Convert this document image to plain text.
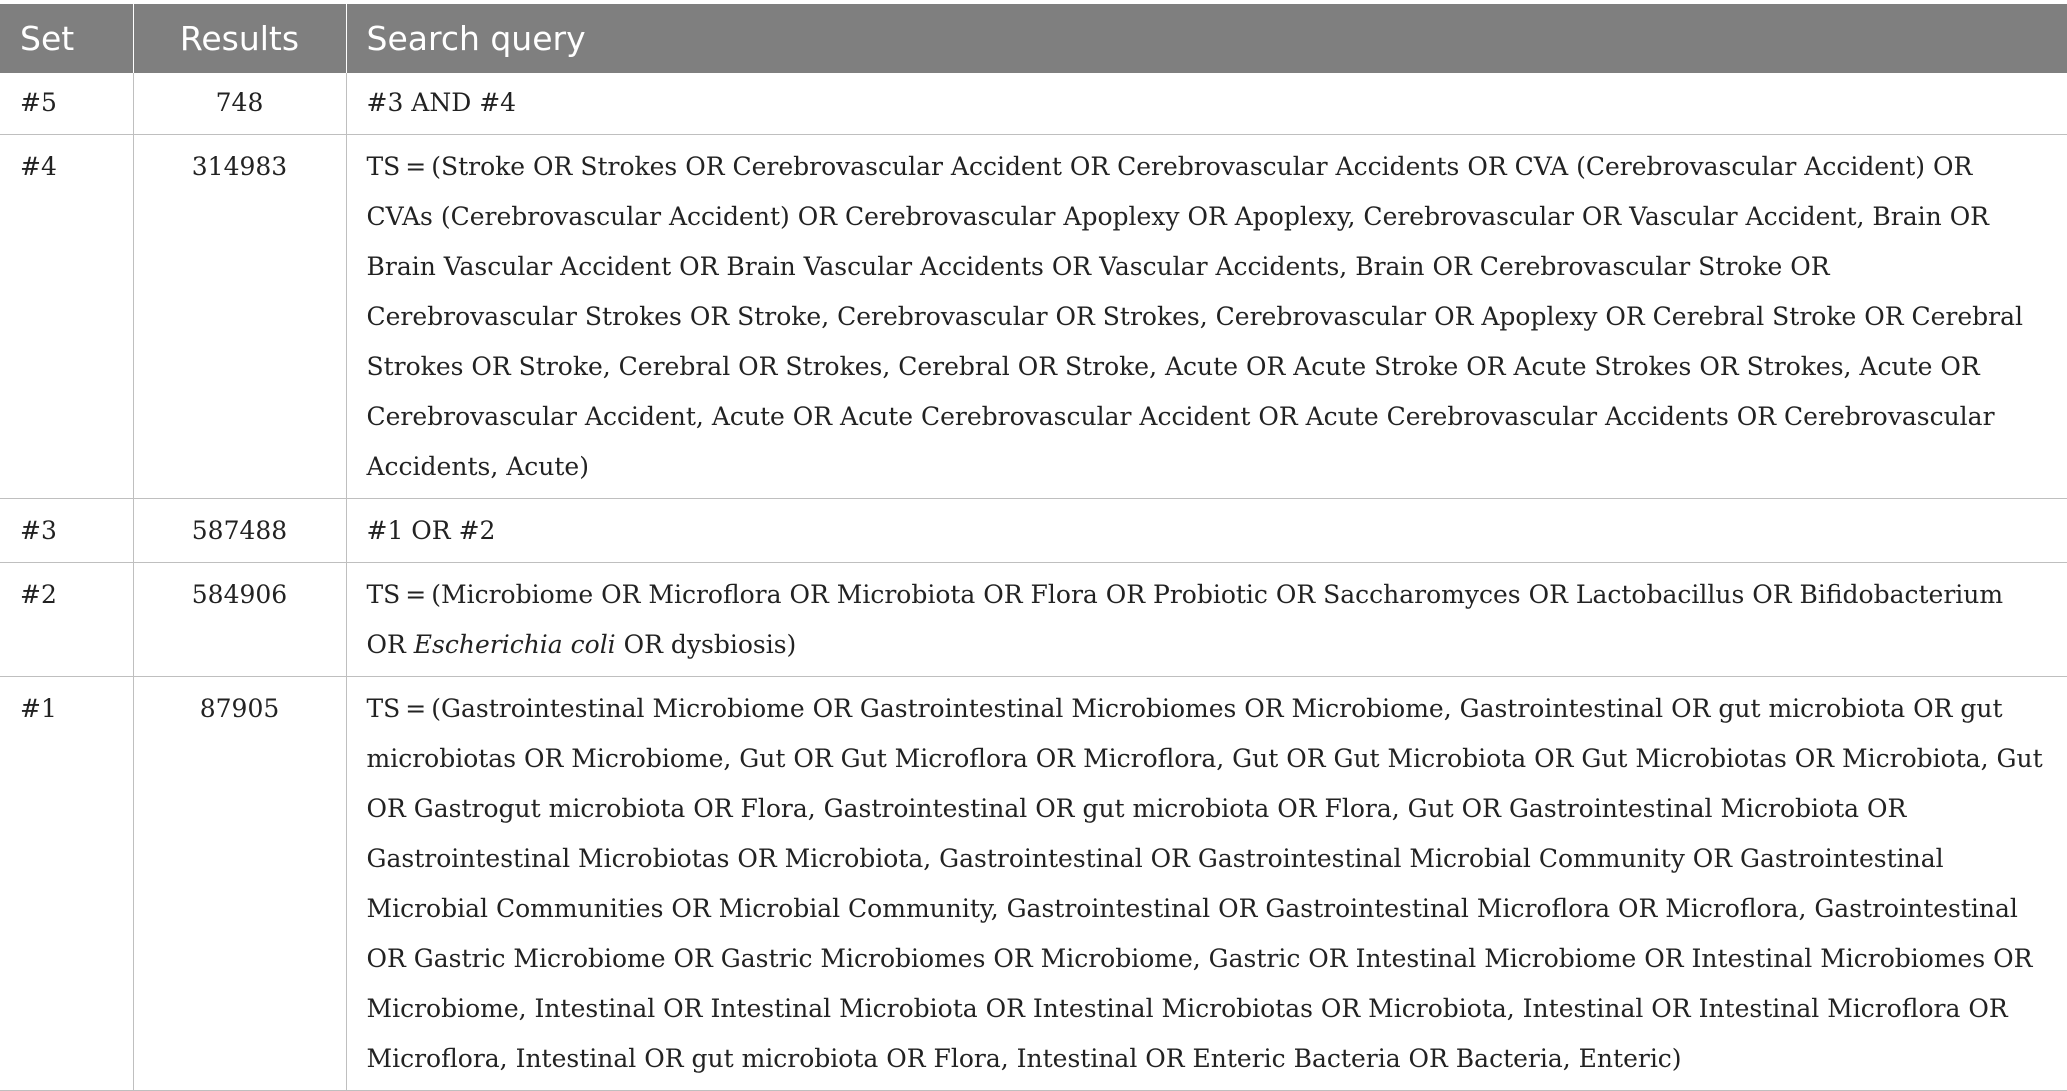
Set	Results	Search query
#5	748	#3 AND #4
#4	314983	TS = (Stroke OR Strokes OR Cerebrovascular Accident OR Cerebrovascular Accidents OR CVA (Cerebrovascular Accident) OR CVAs (Cerebrovascular Accident) OR Cerebrovascular Apoplexy OR Apoplexy, Cerebrovascular OR Vascular Accident, Brain OR Brain Vascular Accident OR Brain Vascular Accidents OR Vascular Accidents, Brain OR Cerebrovascular Stroke OR Cerebrovascular Strokes OR Stroke, Cerebrovascular OR Strokes, Cerebrovascular OR Apoplexy OR Cerebral Stroke OR Cerebral Strokes OR Stroke, Cerebral OR Strokes, Cerebral OR Stroke, Acute OR Acute Stroke OR Acute Strokes OR Strokes, Acute OR Cerebrovascular Accident, Acute OR Acute Cerebrovascular Accident OR Acute Cerebrovascular Accidents OR Cerebrovascular Accidents, Acute)
#3	587488	#1 OR #2
#2	584906	TS = (Microbiome OR Microflora OR Microbiota OR Flora OR Probiotic OR Saccharomyces OR Lactobacillus OR Bifidobacterium OR Escherichia coli OR dysbiosis)
#1	87905	TS = (Gastrointestinal Microbiome OR Gastrointestinal Microbiomes OR Microbiome, Gastrointestinal OR gut microbiota OR gut microbiotas OR Microbiome, Gut OR Gut Microflora OR Microflora, Gut OR Gut Microbiota OR Gut Microbiotas OR Microbiota, Gut OR Gastrogut microbiota OR Flora, Gastrointestinal OR gut microbiota OR Flora, Gut OR Gastrointestinal Microbiota OR Gastrointestinal Microbiotas OR Microbiota, Gastrointestinal OR Gastrointestinal Microbial Community OR Gastrointestinal Microbial Communities OR Microbial Community, Gastrointestinal OR Gastrointestinal Microflora OR Microflora, Gastrointestinal OR Gastric Microbiome OR Gastric Microbiomes OR Microbiome, Gastric OR Intestinal Microbiome OR Intestinal Microbiomes OR Microbiome, Intestinal OR Intestinal Microbiota OR Intestinal Microbiotas OR Microbiota, Intestinal OR Intestinal Microflora OR Microflora, Intestinal OR gut microbiota OR Flora, Intestinal OR Enteric Bacteria OR Bacteria, Enteric)
